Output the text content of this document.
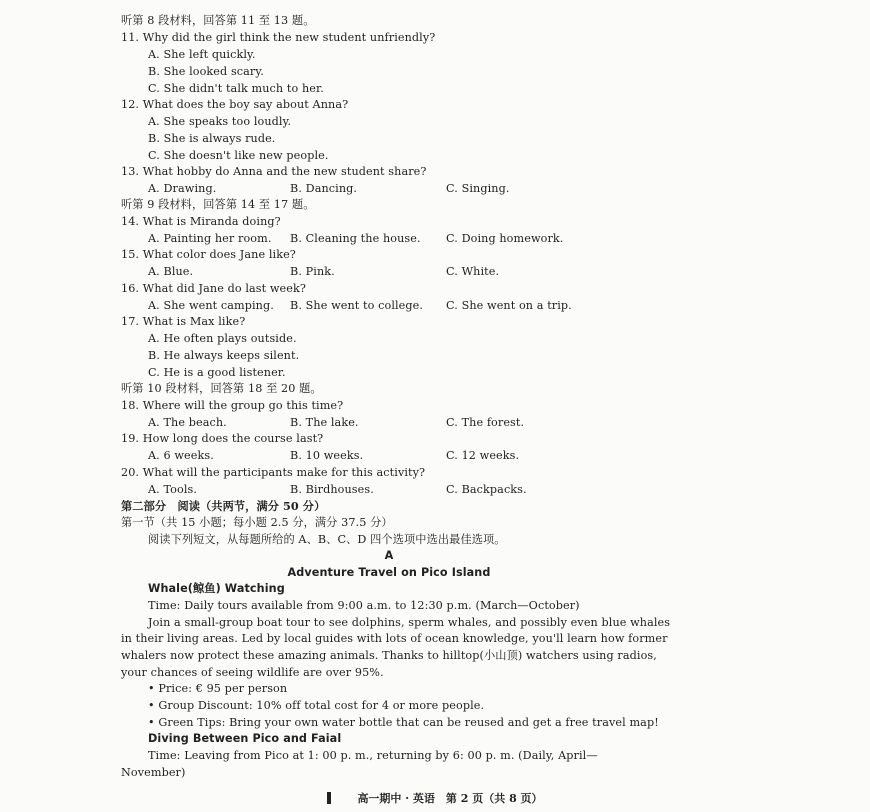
听第 8 段材料，回答第 11 至 13 题。
11. Why did the girl think the new student unfriendly?
A. She left quickly.
B. She looked scary.
C. She didn't talk much to her.
12. What does the boy say about Anna?
A. She speaks too loudly.
B. She is always rude.
C. She doesn't like new people.
13. What hobby do Anna and the new student share?
A. Drawing.	B. Dancing.	C. Singing.
听第 9 段材料，回答第 14 至 17 题。
14. What is Miranda doing?
A. Painting her room. B. Cleaning the house. C. Doing homework.
15. What color does Jane like?
A. Blue.	B. Pink.	C. White.
16. What did Jane do last week?
A. She went camping. B. She went to college. C. She went on a trip.
17. What is Max like?
A. He often plays outside.
B. He always keeps silent.
C. He is a good listener.
听第 10 段材料，回答第 18 至 20 题。
18. Where will the group go this time?
A. The beach.	B. The lake.	C. The forest.
19. How long does the course last?
A. 6 weeks.	B. 10 weeks.	C. 12 weeks.
20. What will the participants make for this activity?
A. Tools.	B. Birdhouses.	C. Backpacks.
第二部分　阅读（共两节，满分 50 分）
第一节（共 15 小题；每小题 2.5 分，满分 37.5 分）
阅读下列短文，从每题所给的 A、B、C、D 四个选项中选出最佳选项。
A
Adventure Travel on Pico Island
Whale(鲸鱼) Watching
Time: Daily tours available from 9:00 a.m. to 12:30 p.m. (March—October)
Join a small-group boat tour to see dolphins, sperm whales, and possibly even blue whales
in their living areas. Led by local guides with lots of ocean knowledge, you'll learn how former
whalers now protect these amazing animals. Thanks to hilltop(小山顶) watchers using radios,
your chances of seeing wildlife are over 95%.
• Price: € 95 per person
• Group Discount: 10% off total cost for 4 or more people.
• Green Tips: Bring your own water bottle that can be reused and get a free travel map!
Diving Between Pico and Faial
Time: Leaving from Pico at 1: 00 p. m., returning by 6: 00 p. m. (Daily, April—
November)
高一期中 · 英语　第 2 页（共 8 页）
